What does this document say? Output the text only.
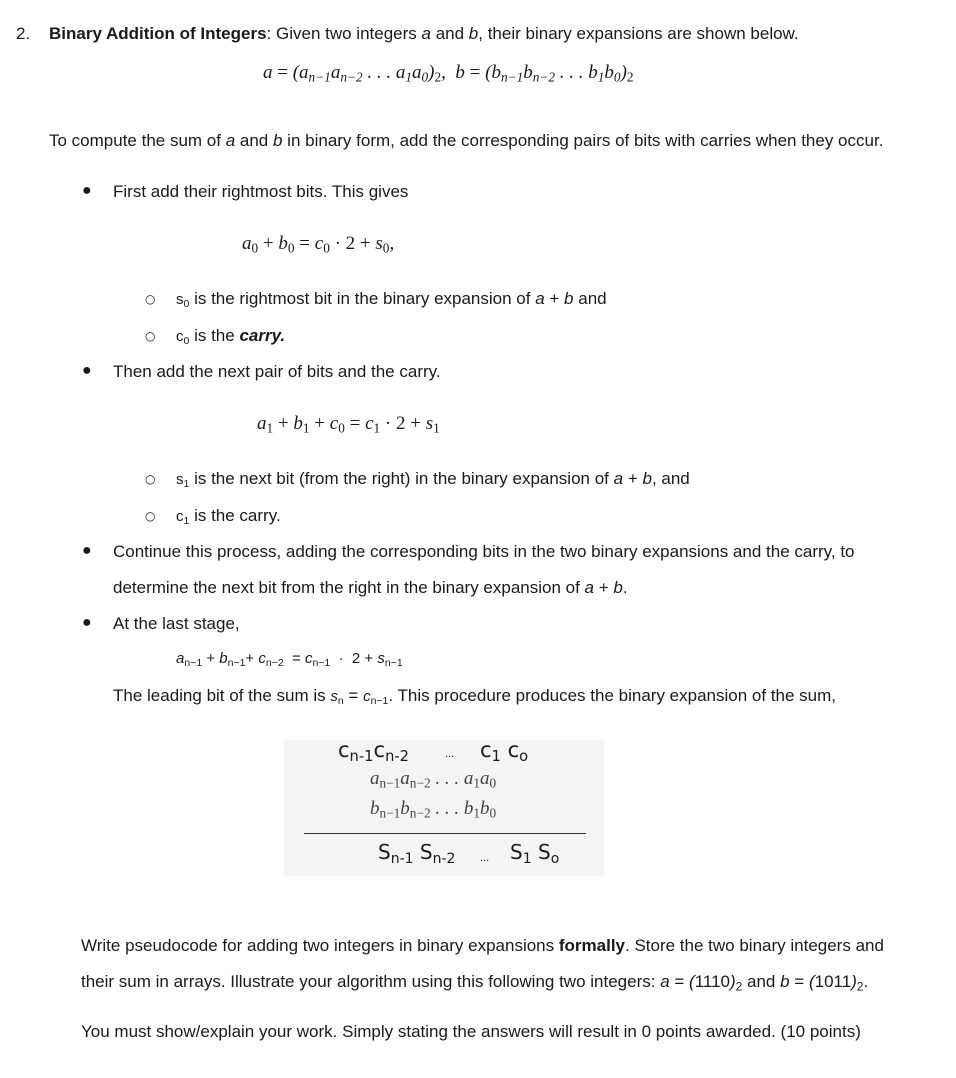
2. Binary Addition of Integers: Given two integers a and b, their binary expansions are shown below.
$a = (a_{n-1}a_{n-2}$ . . . $a_1a_0)_2$,  $b = (b_{n-1}b_{n-2}$ . . . $b_1b_0)_2$
To compute the sum of a and b in binary form, add the corresponding pairs of bits with carries when they occur.
● First add their rightmost bits. This gives
$a_0 + b_0 = c_0 \cdot 2 + s_0$,
○ $s_0$ is the rightmost bit in the binary expansion of a + b and
○ $c_0$ is the carry.
● Then add the next pair of bits and the carry.
$a_1 + b_1 + c_0 = c_1 \cdot 2 + s_1$
○ $s_1$ is the next bit (from the right) in the binary expansion of a + b, and
○ $c_1$ is the carry.
● Continue this process, adding the corresponding bits in the two binary expansions and the carry, to
determine the next bit from the right in the binary expansion of a + b.
● At the last stage,
$a_{n-1} + b_{n-1}+ c_{n-2} = c_{n-1} \cdot 2 + s_{n-1}$
The leading bit of the sum is $s_n = c_{n-1}$. This procedure produces the binary expansion of the sum,
$c_{n-1}c_{n-2}$	... $c_1$ $c_o$
$a_{n-1}a_{n-2}$ . . . $a_1a_0$
$b_{n-1}b_{n-2}$ . . . $b_1b_0$
$S_{n-1}$ $S_{n-2}$ ... $S_1$ $S_o$
Write pseudocode for adding two integers in binary expansions formally. Store the two binary integers and
their sum in arrays. Illustrate your algorithm using this following two integers: $a = (1110)_2$ and $b = (1011)_2$.
You must show/explain your work. Simply stating the answers will result in 0 points awarded. (10 points)
